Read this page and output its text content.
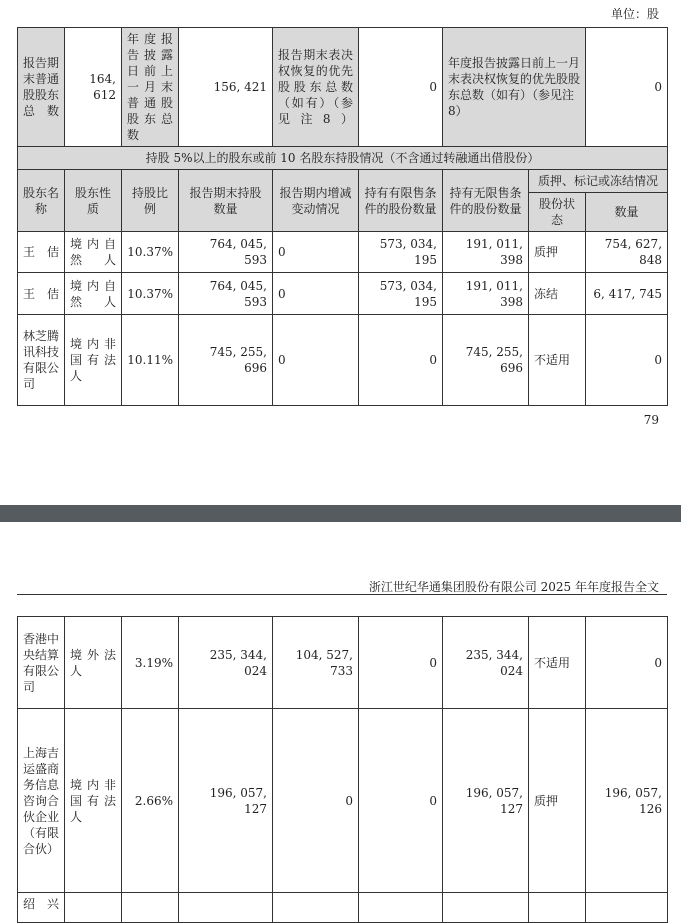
单位：股
报告期末普通股股东总数	164, 612	年度报告披露日前上一月末普通股股东总数	156, 421	报告期末表决权恢复的优先股股东总数（如有）（参见注8）	0	年度报告披露日前上一月末表决权恢复的优先股股东总数（如有）（参见注8）		0
持股 5%以上的股东或前 10 名股东持股情况（不含通过转融通出借股份）								
股东名称	股东性质	持股比例	报告期末持股数量	报告期内增减变动情况	持有有限售条件的股份数量	持有无限售条件的股份数量	质押、标记或冻结情况	
							股份状态	数量
王佶	境内自然人	10.37%	764, 045, 593	0	573, 034, 195	191, 011, 398	质押	754, 627, 848
王佶	境内自然人	10.37%	764, 045, 593	0	573, 034, 195	191, 011, 398	冻结	6, 417, 745
林芝腾讯科技有限公司	境内非国有法人	10.11%	745, 255, 696	0	0	745, 255, 696	不适用	0
79
浙江世纪华通集团股份有限公司 2025 年年度报告全文
香港中央结算有限公司	境外法人	3.19%	235, 344, 024	104, 527, 733	0	235, 344, 024	不适用	0
上海吉运盛商务信息咨询合伙企业（有限合伙）	境内非国有法人	2.66%	196, 057, 127	0	0	196, 057, 127	质押	196, 057, 126
绍兴								
